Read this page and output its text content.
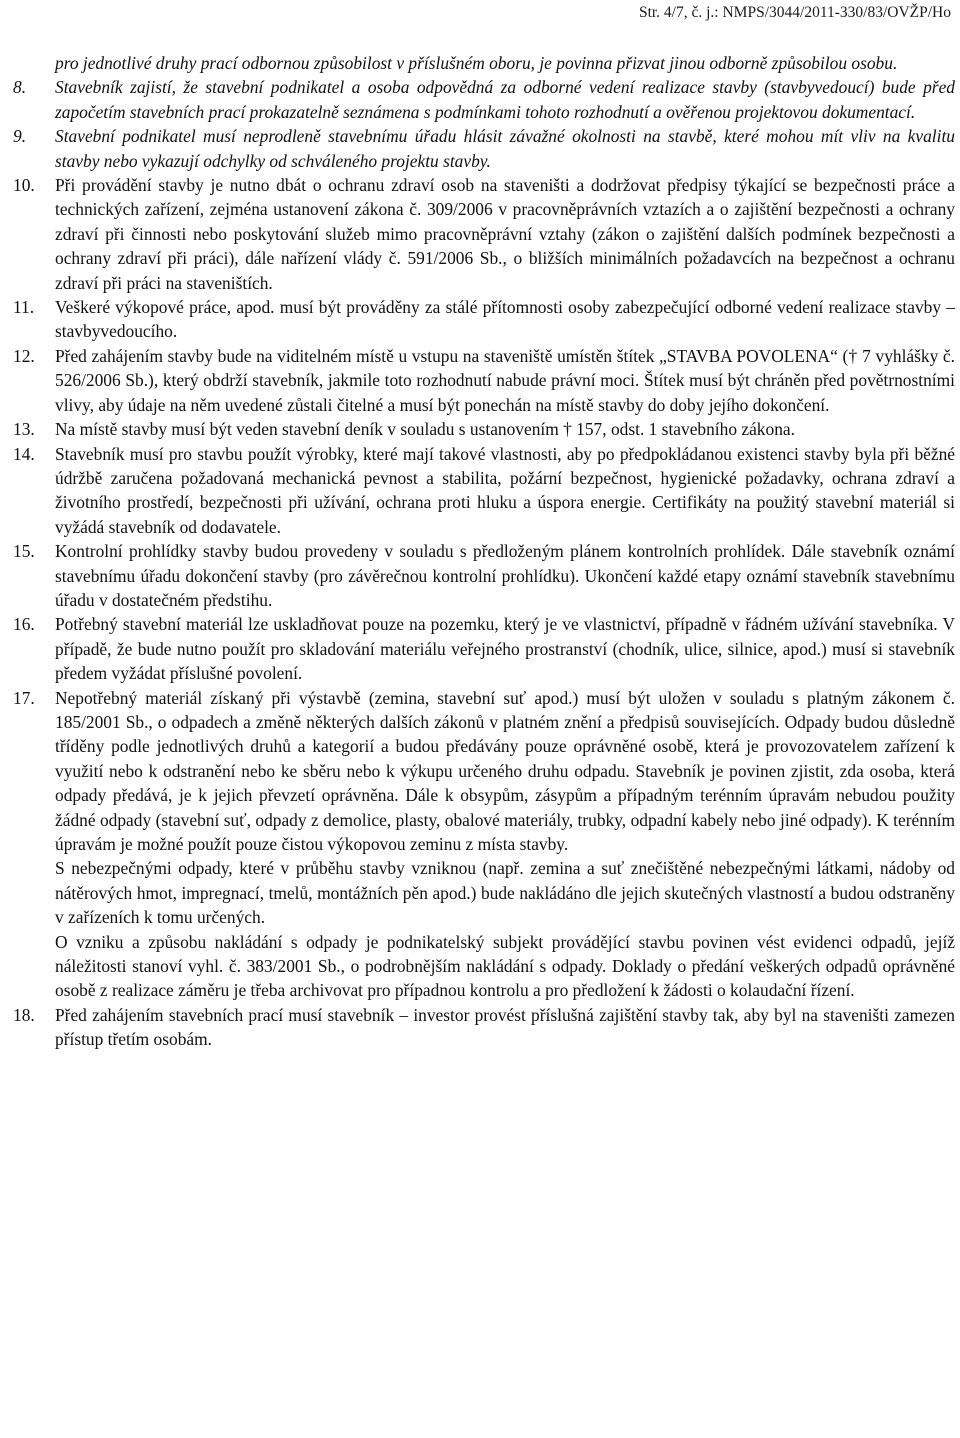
Str. 4/7, č. j.: NMPS/3044/2011-330/83/OVŽP/Ho

pro jednotlivé druhy prací odbornou způsobilost v příslušném oboru, je povinna přizvat jinou odborně způsobilou osobu.

8. Stavebník zajistí, že stavební podnikatel a osoba odpovědná za odborné vedení realizace stavby (stavbyvedoucí) bude před započetím stavebních prací prokazatelně seznámena s podmínkami tohoto rozhodnutí a ověřenou projektovou dokumentací.

9. Stavební podnikatel musí neprodleně stavebnímu úřadu hlásit závažné okolnosti na stavbě, které mohou mít vliv na kvalitu stavby nebo vykazují odchylky od schváleného projektu stavby.

10. Při provádění stavby je nutno dbát o ochranu zdraví osob na staveništi a dodržovat předpisy týkající se bezpečnosti práce a technických zařízení, zejména ustanovení zákona č. 309/2006 v pracovněprávních vztazích a o zajištění bezpečnosti a ochrany zdraví při činnosti nebo poskytování služeb mimo pracovněprávní vztahy (zákon o zajištění dalších podmínek bezpečnosti a ochrany zdraví při práci), dále nařízení vlády č. 591/2006 Sb., o bližších minimálních požadavcích na bezpečnost a ochranu zdraví při práci na staveništích.

11. Veškeré výkopové práce, apod. musí být prováděny za stálé přítomnosti osoby zabezpečující odborné vedení realizace stavby – stavbyvedoucího.

12. Před zahájením stavby bude na viditelném místě u vstupu na staveniště umístěn štítek „STAVBA POVOLENA“ († 7 vyhlášky č. 526/2006 Sb.), který obdrží stavebník, jakmile toto rozhodnutí nabude právní moci. Štítek musí být chráněn před povětrnostními vlivy, aby údaje na něm uvedené zůstali čitelné a musí být ponechán na místě stavby do doby jejího dokončení.

13. Na místě stavby musí být veden stavební deník v souladu s ustanovením † 157, odst. 1 stavebního zákona.

14. Stavebník musí pro stavbu použít výrobky, které mají takové vlastnosti, aby po předpokládanou existenci stavby byla při běžné údržbě zaručena požadovaná mechanická pevnost a stabilita, požární bezpečnost, hygienické požadavky, ochrana zdraví a životního prostředí, bezpečnosti při užívání, ochrana proti hluku a úspora energie. Certifikáty na použitý stavební materiál si vyžádá stavebník od dodavatele.

15. Kontrolní prohlídky stavby budou provedeny v souladu s předloženým plánem kontrolních prohlídek. Dále stavebník oznámí stavebnímu úřadu dokončení stavby (pro závěrečnou kontrolní prohlídku). Ukončení každé etapy oznámí stavebník stavebnímu úřadu v dostatečném předstihu.

16. Potřebný stavební materiál lze uskladňovat pouze na pozemku, který je ve vlastnictví, případně v řádném užívání stavebníka. V případě, že bude nutno použít pro skladování materiálu veřejného prostranství (chodník, ulice, silnice, apod.) musí si stavebník předem vyžádat příslušné povolení.

17. Nepotřebný materiál získaný při výstavbě (zemina, stavební suť apod.) musí být uložen v souladu s platným zákonem č. 185/2001 Sb., o odpadech a změně některých dalších zákonů v platném znění a předpisů souvisejících. Odpady budou důsledně tříděny podle jednotlivých druhů a kategorií a budou předávány pouze oprávněné osobě, která je provozovatelem zařízení k využití nebo k odstranění nebo ke sběru nebo k výkupu určeného druhu odpadu. Stavebník je povinen zjistit, zda osoba, která odpady předává, je k jejich převzetí oprávněna. Dále k obsypům, zásypům a případným terénním úpravám nebudou použity žádné odpady (stavební suť, odpady z demolice, plasty, obalové materiály, trubky, odpadní kabely nebo jiné odpady). K terénním úpravám je možné použít pouze čistou výkopovou zeminu z místa stavby.

S nebezpečnými odpady, které v průběhu stavby vzniknou (např. zemina a suť znečištěné nebezpečnými látkami, nádoby od nátěrových hmot, impregnací, tmelů, montážních pěn apod.) bude nakládáno dle jejich skutečných vlastností a budou odstraněny v zařízeních k tomu určených.

O vzniku a způsobu nakládání s odpady je podnikatelský subjekt provádějící stavbu povinen vést evidenci odpadů, jejíž náležitosti stanoví vyhl. č. 383/2001 Sb., o podrobnějším nakládání s odpady. Doklady o předání veškerých odpadů oprávněné osobě z realizace záměru je třeba archivovat pro případnou kontrolu a pro předložení k žádosti o kolaudační řízení.

18. Před zahájením stavebních prací musí stavebník – investor provést příslušná zajištění stavby tak, aby byl na staveništi zamezen přístup třetím osobám.
